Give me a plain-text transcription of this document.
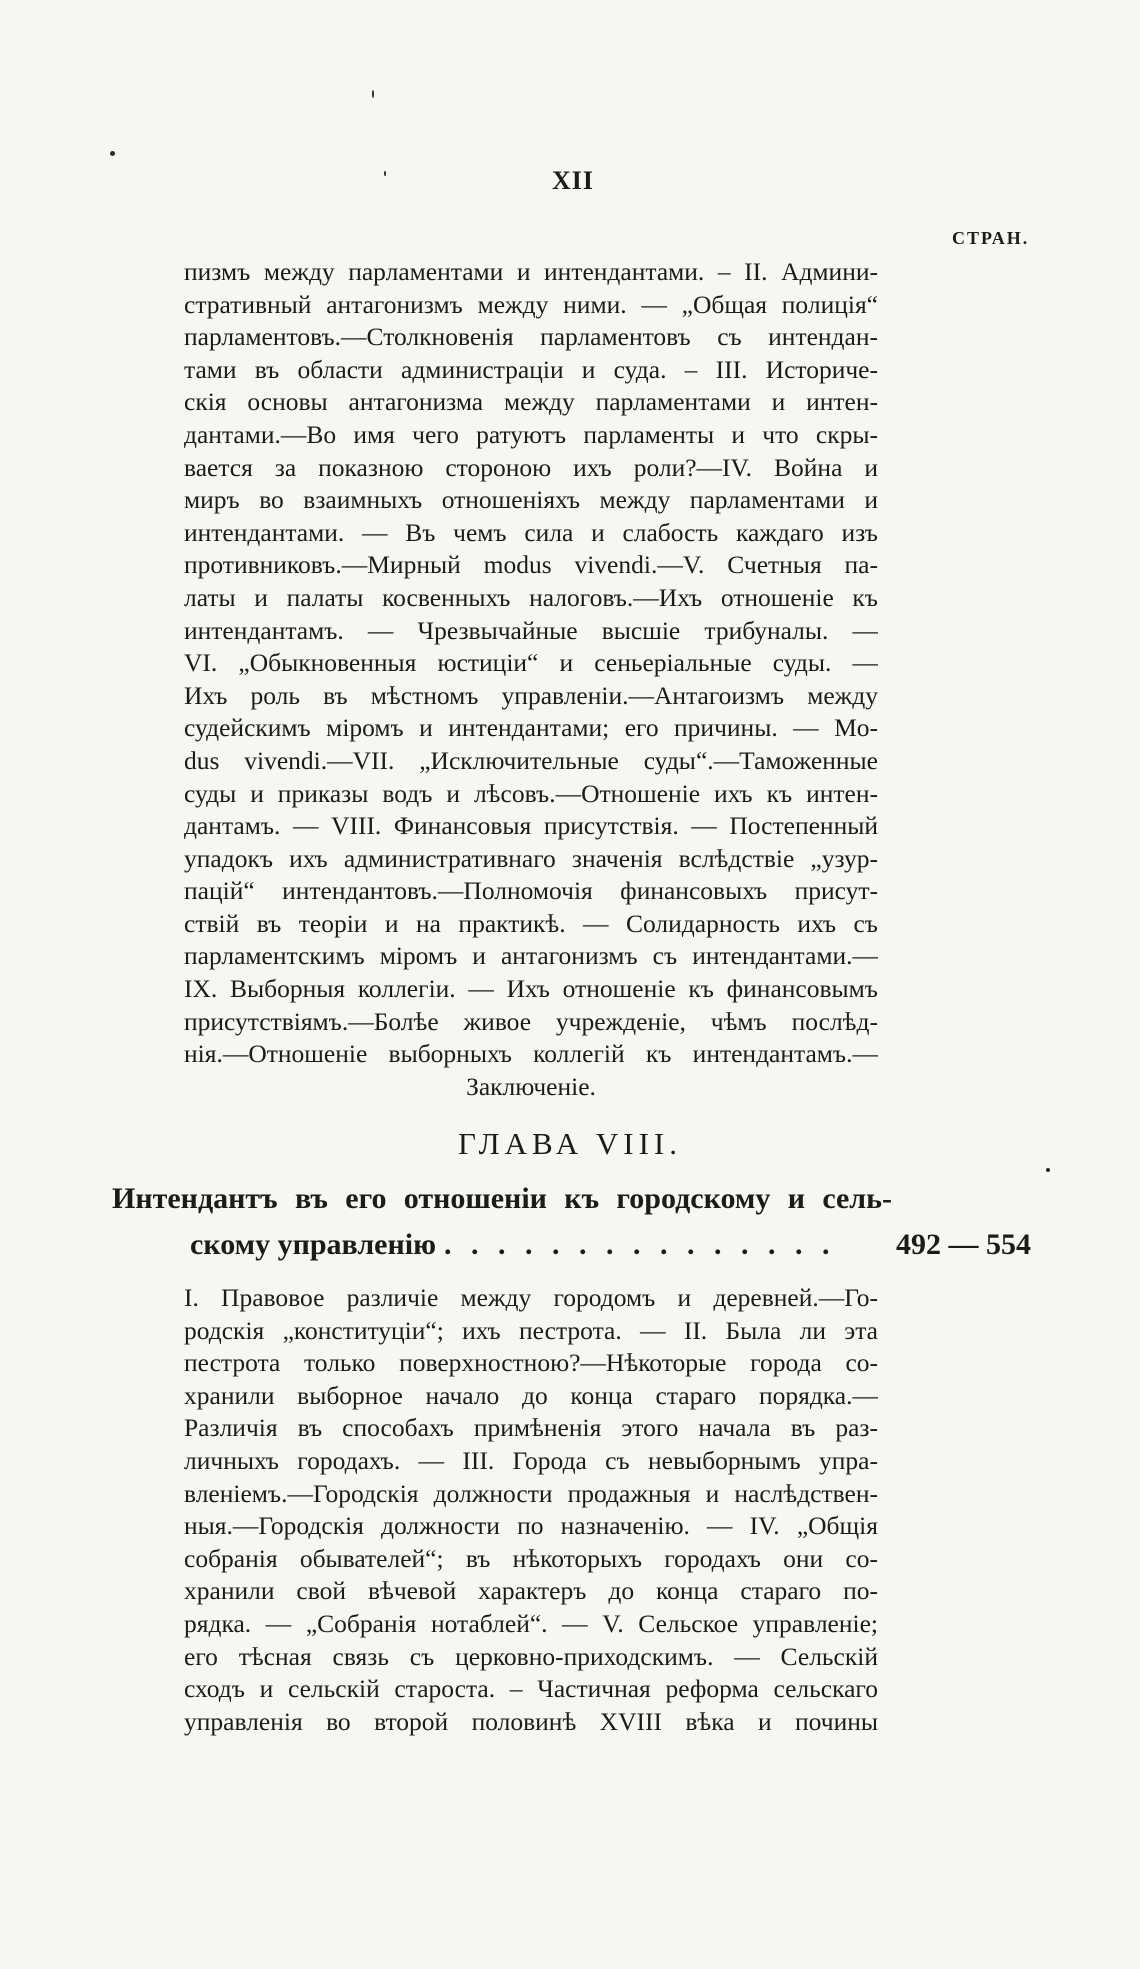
XII
СТРАН.
пизмъ между парламентами и интендантами. – II. Админи-
стративный антагонизмъ между ними. — „Общая полиція“
парламентовъ.—Столкновенія парламентовъ съ интендан-
тами въ области администраціи и суда. – III. Историче-
скія основы антагонизма между парламентами и интен-
дантами.—Во имя чего ратуютъ парламенты и что скры-
вается за показною стороною ихъ роли?—IV. Война и
миръ во взаимныхъ отношеніяхъ между парламентами и
интендантами. — Въ чемъ сила и слабость каждаго изъ
противниковъ.—Мирный modus vivendi.—V. Счетныя па-
латы и палаты косвенныхъ налоговъ.—Ихъ отношеніе къ
интендантамъ. — Чрезвычайные высшіе трибуналы. —
VI. „Обыкновенныя юстиціи“ и сеньеріальные суды. —
Ихъ роль въ мѣстномъ управленіи.—Антагоизмъ между
судейскимъ міромъ и интендантами; его причины. — Mo-
dus vivendi.—VII. „Исключительные суды“.—Таможенные
суды и приказы водъ и лѣсовъ.—Отношеніе ихъ къ интен-
дантамъ. — VIII. Финансовыя присутствія. — Постепенный
упадокъ ихъ административнаго значенія вслѣдствіе „узур-
пацій“ интендантовъ.—Полномочія финансовыхъ присут-
ствій въ теоріи и на практикѣ. — Солидарность ихъ съ
парламентскимъ міромъ и антагонизмъ съ интендантами.—
IX. Выборныя коллегіи. — Ихъ отношеніе къ финансовымъ
присутствіямъ.—Болѣе живое учрежденіе, чѣмъ послѣд-
нія.—Отношеніе выборныхъ коллегій къ интендантамъ.—
Заключеніе.
ГЛАВА VIII.
Интендантъ въ его отношеніи къ городскому и сель-
скому управленію . . . . . . . . . . . . . . .	492 — 554
I. Правовое различіе между городомъ и деревней.—Го-
родскія „конституціи“; ихъ пестрота. — II. Была ли эта
пестрота только поверхностною?—Нѣкоторые города со-
хранили выборное начало до конца стараго порядка.—
Различія въ способахъ примѣненія этого начала въ раз-
личныхъ городахъ. — III. Города съ невыборнымъ упра-
вленіемъ.—Городскія должности продажныя и наслѣдствен-
ныя.—Городскія должности по назначенію. — IV. „Общія
собранія обывателей“; въ нѣкоторыхъ городахъ они со-
хранили свой вѣчевой характеръ до конца стараго по-
рядка. — „Собранія нотаблей“. — V. Сельское управленіе;
его тѣсная связь съ церковно-приходскимъ. — Сельскій
сходъ и сельскій староста. – Частичная реформа сельскаго
управленія во второй половинѣ XVIII вѣка и почины
